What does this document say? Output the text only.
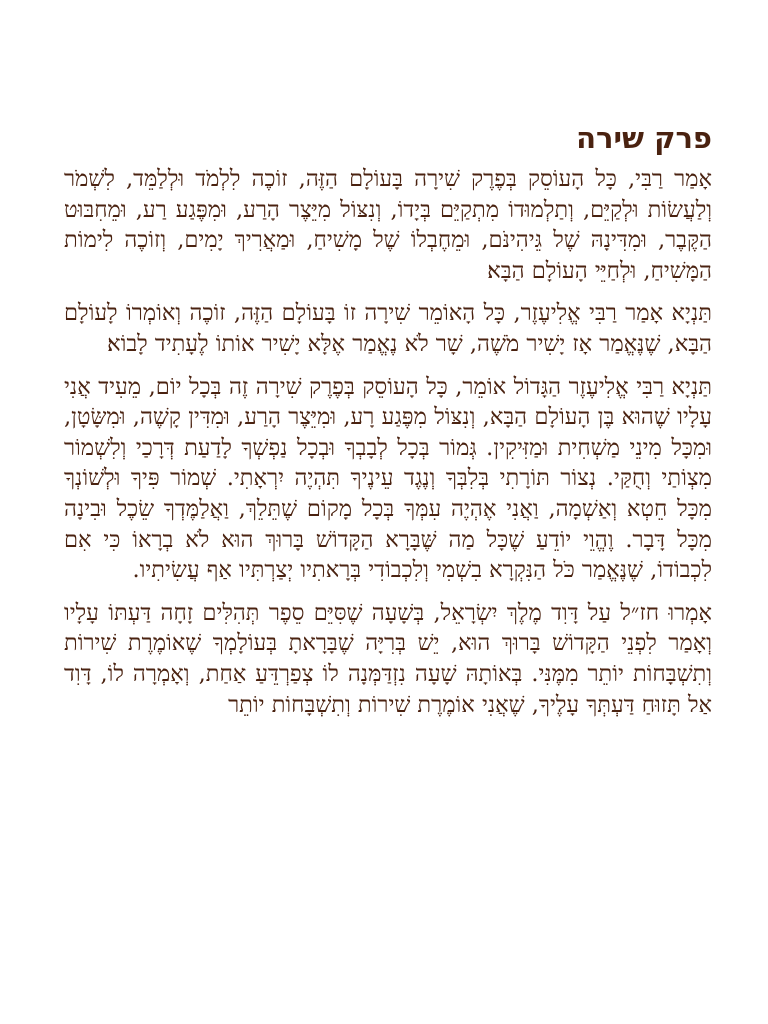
פרק שירה

אָמַר רַבִּי, כָּל הָעוֹסֵק בְּפֶרֶק שִׁירָה בָּעוֹלָם הַזֶּה, זוֹכֶה לִלְמֹד וּלְלַמֵּד, לִשְׁמֹר וְלַעֲשׂוֹת וּלְקַיֵּם, וְתַלְמוּדוֹ מִתְקַיֵּם בְּיָדוֹ, וְנִצּוֹל מִיֵּצֶר הָרַע, וּמִפֶּגַע רַע, וּמֵחִבּוּט הַקֶּבֶר, וּמִדִּינָהּ שֶׁל גֵּיהִינֹּם, וּמֵחֶבְלוֹ שֶׁל מָשִׁיחַ, וּמַאֲרִיךְ יָמִים, וְזוֹכֶה לִימוֹת הַמָּשִׁיחַ, וּלְחַיֵּי הָעוֹלָם הַבָּא׃

תַּנְיָא אָמַר רַבִּי אֱלִיעֶזֶר, כָּל הָאוֹמֵר שִׁירָה זוֹ בָּעוֹלָם הַזֶּה, זוֹכֶה וְאוֹמְרוֹ לָעוֹלָם הַבָּא, שֶׁנֶּאֱמַר אָז יָשִׁיר מֹשֶׁה, שָׁר לֹא נֶאֱמַר אֶלָּא יָשִׁיר אוֹתוֹ לֶעָתִיד לָבוֹא׃

תַּנְיָא רַבִּי אֱלִיעֶזֶר הַגָּדוֹל אוֹמֵר, כָּל הָעוֹסֵק בְּפֶרֶק שִׁירָה זֶה בְּכָל יוֹם, מֵעִיד אֲנִי עָלָיו שֶׁהוּא בֶּן הָעוֹלָם הַבָּא, וְנִצּוֹל מִפֶּגַע רָע, וּמִיֵּצֶר הָרַע, וּמִדִּין קָשֶׁה, וּמִשָּׂטָן, וּמִכָּל מִינֵי מַשְׁחִית וּמַזִּיקִין. גְּמוֹר בְּכָל לְבָבְךָ וּבְכָל נַפְשְׁךָ לָדַעַת דְּרָכַי וְלִשְׁמוֹר מִצְוֹתַי וְחֻקַּי. נְצוֹר תּוֹרָתִי בְּלִבְּךָ וְנֶגֶד עֵינֶיךָ תִּהְיֶה יִרְאָתִי. שְׁמוֹר פִּיךָ וּלְשׁוֹנְךָ מִכָּל חֵטְא וְאַשְׁמָה, וַאֲנִי אֶהְיֶה עִמְּךָ בְּכָל מָקוֹם שֶׁתֵּלֵךְ, וַאֲלַמֶּדְךָ שֵׂכֶל וּבִינָה מִכָּל דָּבָר. וֶהֱוֵי יוֹדֵעַ שֶׁכָּל מַה שֶּׁבָּרָא הַקָּדוֹשׁ בָּרוּךְ הוּא לֹא בְרָאוֹ כִּי אִם לִכְבוֹדוֹ, שֶׁנֶּאֱמַר כֹּל הַנִּקְרָא בִשְׁמִי וְלִכְבוֹדִי בְּרָאתִיו יְצַרְתִּיו אַף עֲשִׂיתִיו.

אָמְרוּ חז״ל עַל דָּוִד מֶלֶךְ יִשְׂרָאֵל, בְּשָׁעָה שֶׁסִּיֵּם סֵפֶר תְּהִלִּים זָחָה דַּעְתּוֹ עָלָיו וְאָמַר לִפְנֵי הַקָּדוֹשׁ בָּרוּךְ הוּא, יֵשׁ בְּרִיָּה שֶׁבָּרָאתָ בְּעוֹלָמְךָ שֶׁאוֹמֶרֶת שִׁירוֹת וְתִשְׁבָּחוֹת יוֹתֵר מִמֶּנִּי. בְּאוֹתָהּ שָׁעָה נִזְדַּמְּנָה לוֹ צְפַרְדֵּעַ אַחַת, וְאָמְרָה לוֹ, דָּוִד אַל תָּזוּחַ דַּעְתְּךָ עָלֶיךָ, שֶׁאֲנִי אוֹמֶרֶת שִׁירוֹת וְתִשְׁבָּחוֹת יוֹתֵר
